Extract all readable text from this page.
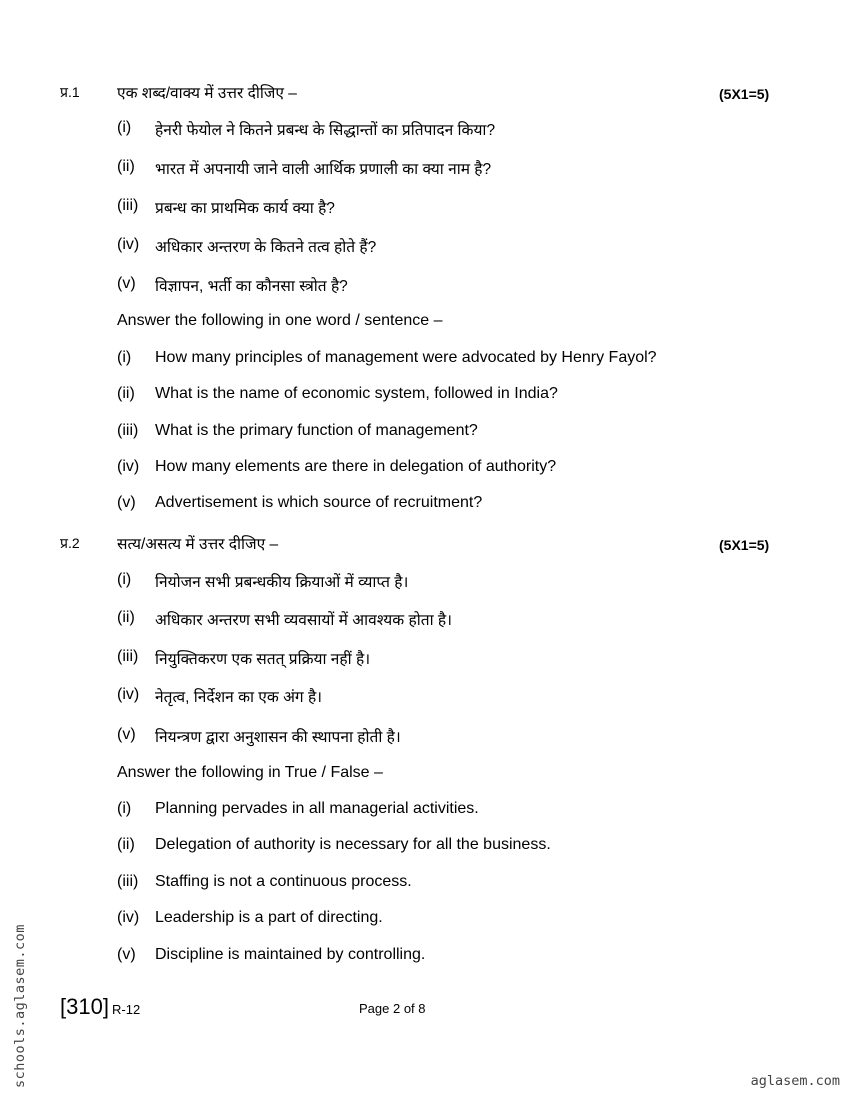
प्र.1 एक शब्द/वाक्य में उत्तर दीजिए –	(5X1=5)
(i) हेनरी फेयोल ने कितने प्रबन्ध के सिद्धान्तों का प्रतिपादन किया?
(ii) भारत में अपनायी जाने वाली आर्थिक प्रणाली का क्या नाम है?
(iii) प्रबन्ध का प्राथमिक कार्य क्या है?
(iv) अधिकार अन्तरण के कितने तत्व होते हैं?
(v) विज्ञापन, भर्ती का कौनसा स्त्रोत है?
Answer the following in one word / sentence –
(i) How many principles of management were advocated by Henry Fayol?
(ii) What is the name of economic system, followed in India?
(iii) What is the primary function of management?
(iv) How many elements are there in delegation of authority?
(v) Advertisement is which source of recruitment?
प्र.2 सत्य/असत्य में उत्तर दीजिए –	(5X1=5)
(i) नियोजन सभी प्रबन्धकीय क्रियाओं में व्याप्त है।
(ii) अधिकार अन्तरण सभी व्यवसायों में आवश्यक होता है।
(iii) नियुक्तिकरण एक सतत् प्रक्रिया नहीं है।
(iv) नेतृत्व, निर्देशन का एक अंग है।
(v) नियन्त्रण द्वारा अनुशासन की स्थापना होती है।
Answer the following in True / False –
(i) Planning pervades in all managerial activities.
(ii) Delegation of authority is necessary for all the business.
(iii) Staffing is not a continuous process.
(iv) Leadership is a part of directing.
(v) Discipline is maintained by controlling.
[310] R-12	Page 2 of 8
schools.aglasem.com	aglasem.com
